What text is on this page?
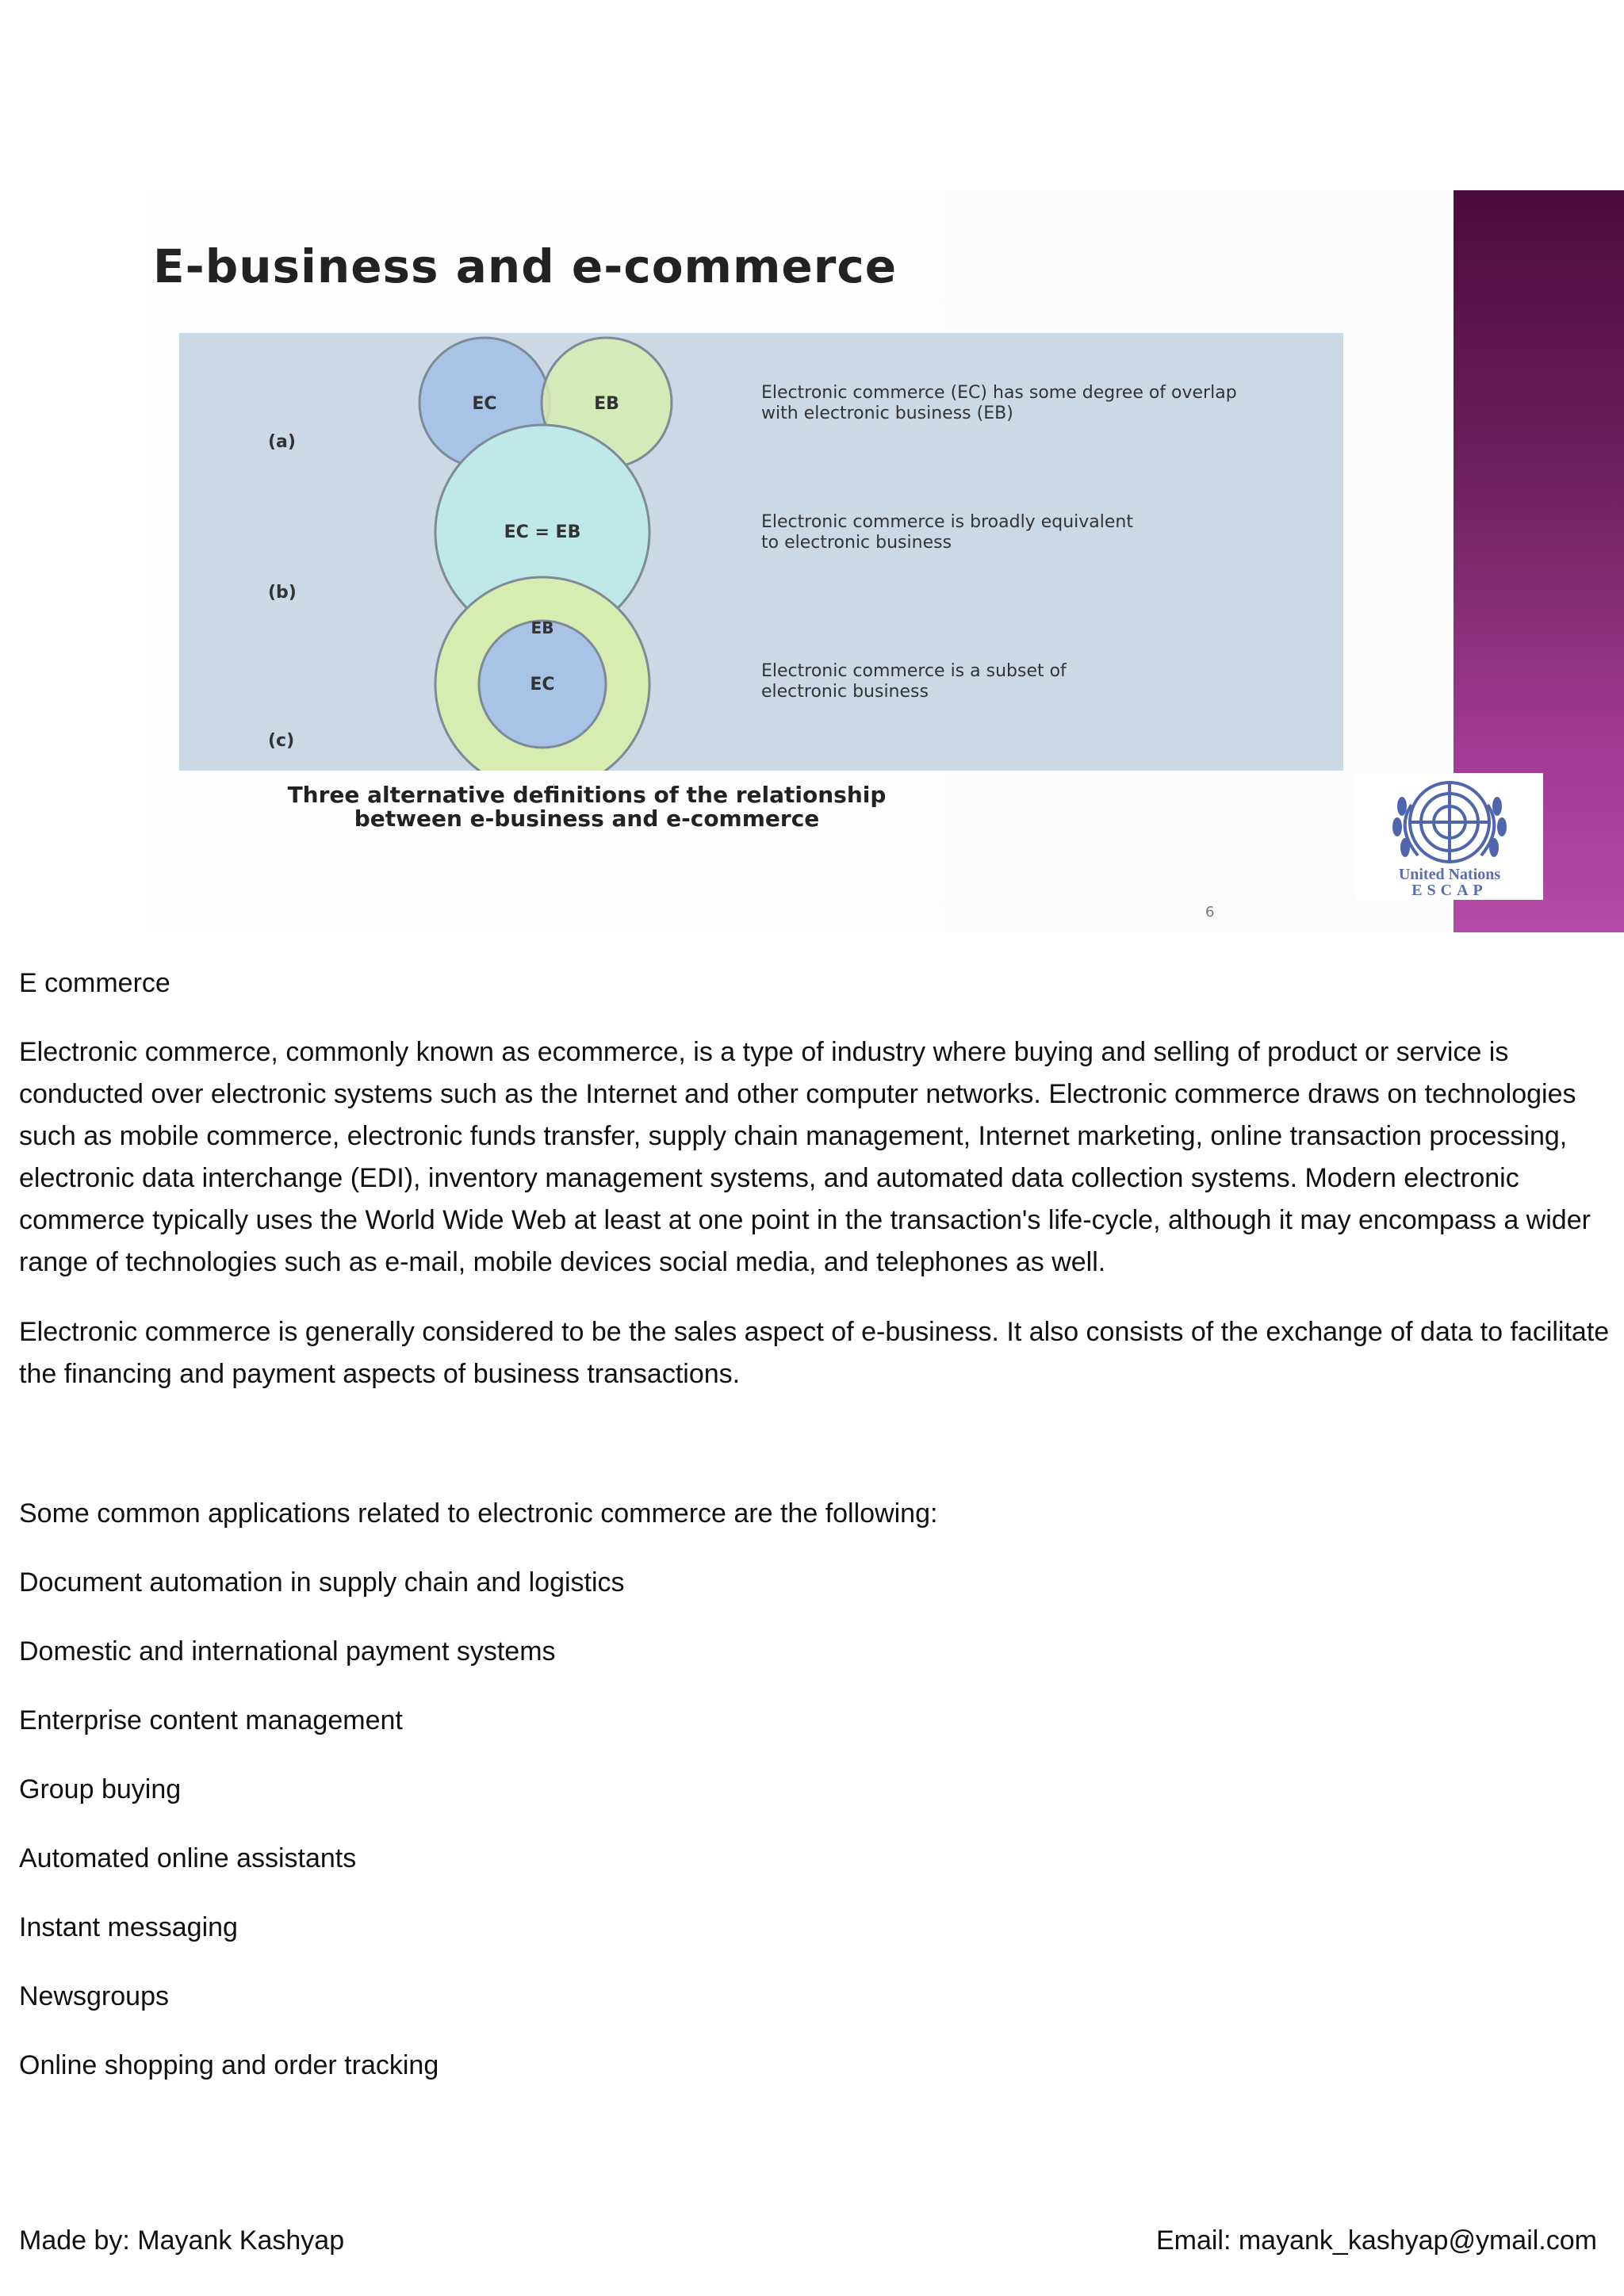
E-business and e-commerce
EC	EB
EC = EB
EB
EC
(a)
(b)
(c)
Electronic commerce (EC) has some degree of overlap with electronic business (EB)
Electronic commerce is broadly equivalent to electronic business
Electronic commerce is a subset of electronic business
Three alternative definitions of the relationship between e-business and e-commerce
6
United Nations
ESCAP

E commerce

Electronic commerce, commonly known as ecommerce, is a type of industry where buying and selling of product or service is conducted over electronic systems such as the Internet and other computer networks. Electronic commerce draws on technologies such as mobile commerce, electronic funds transfer, supply chain management, Internet marketing, online transaction processing, electronic data interchange (EDI), inventory management systems, and automated data collection systems. Modern electronic commerce typically uses the World Wide Web at least at one point in the transaction's life-cycle, although it may encompass a wider range of technologies such as e-mail, mobile devices social media, and telephones as well.

Electronic commerce is generally considered to be the sales aspect of e-business. It also consists of the exchange of data to facilitate the financing and payment aspects of business transactions.

Some common applications related to electronic commerce are the following:

Document automation in supply chain and logistics

Domestic and international payment systems

Enterprise content management

Group buying

Automated online assistants

Instant messaging

Newsgroups

Online shopping and order tracking

Made by: Mayank Kashyap	Email: mayank_kashyap@ymail.com
